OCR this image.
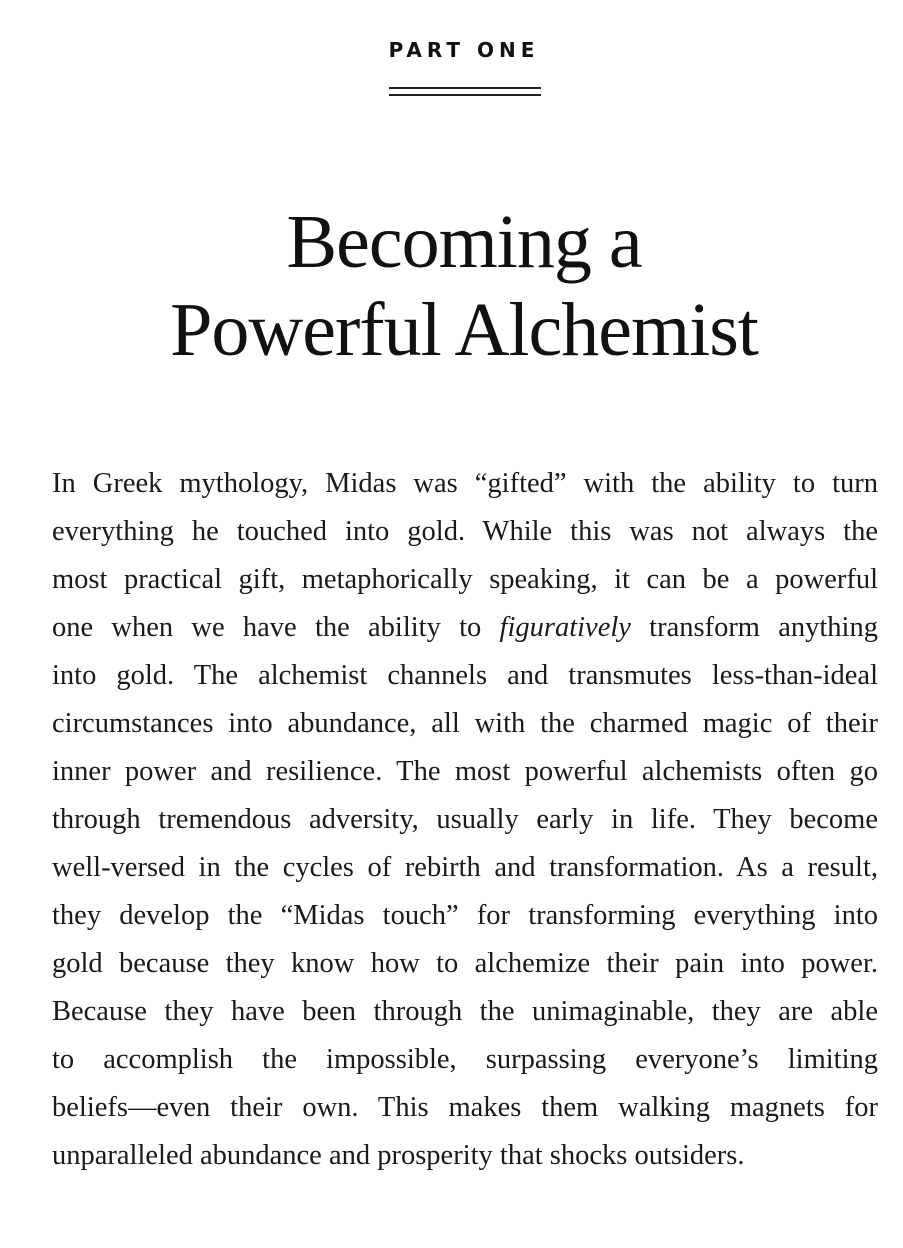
PART ONE
Becoming a
Powerful Alchemist
In Greek mythology, Midas was “gifted” with the ability to turn
everything he touched into gold. While this was not always the
most practical gift, metaphorically speaking, it can be a powerful
one when we have the ability to figuratively transform anything
into gold. The alchemist channels and transmutes less-than-ideal
circumstances into abundance, all with the charmed magic of their
inner power and resilience. The most powerful alchemists often go
through tremendous adversity, usually early in life. They become
well-versed in the cycles of rebirth and transformation. As a result,
they develop the “Midas touch” for transforming everything into
gold because they know how to alchemize their pain into power.
Because they have been through the unimaginable, they are able
to accomplish the impossible, surpassing everyone’s limiting
beliefs—even their own. This makes them walking magnets for
unparalleled abundance and prosperity that shocks outsiders.
